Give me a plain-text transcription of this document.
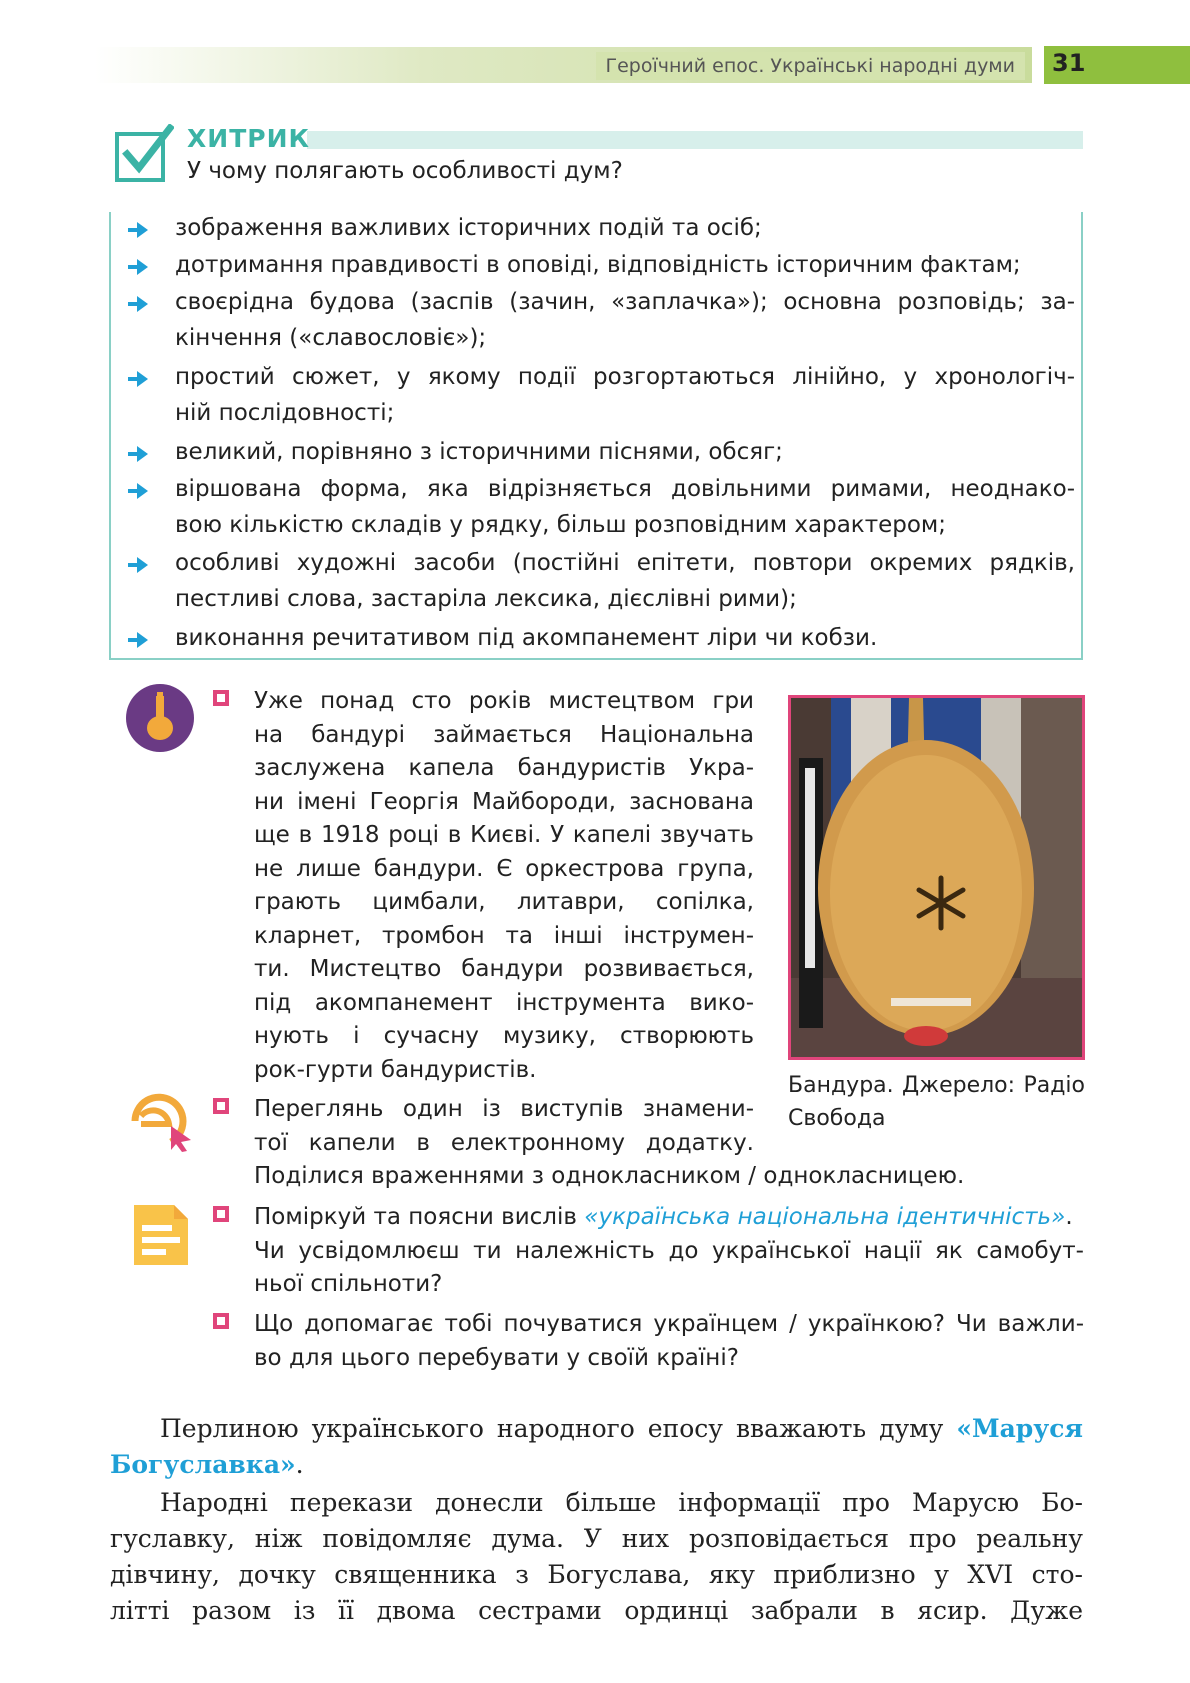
Героїчний епос. Українські народні думи	31
ХИТРИК
У чому полягають особливості дум?
зображення важливих історичних подій та осіб;
дотримання правдивості в оповіді, відповідність історичним фактам;
своєрідна будова (заспів (зачин, «заплачка»); основна розповідь; за-
кінчення («славословіє»);
простий сюжет, у якому події розгортаються лінійно, у хронологіч-
ній послідовності;
великий, порівняно з історичними піснями, обсяг;
віршована форма, яка відрізняється довільними римами, неоднако-
вою кількістю складів у рядку, більш розповідним характером;
особливі художні засоби (постійні епітети, повтори окремих рядків,
пестливі слова, застаріла лексика, дієслівні рими);
виконання речитативом під акомпанемент ліри чи кобзи.
Уже понад сто років мистецтвом гри
на бандурі займається Національна
заслужена капела бандуристів Укра-
ни імені Георгія Майбороди, заснована
ще в 1918 році в Києві. У капелі звучать
не лише бандури. Є оркестрова група,
грають цимбали, литаври, сопілка,
кларнет, тромбон та інші інструмен-
ти. Мистецтво бандури розвивається,
під акомпанемент інструмента вико-
нують і сучасну музику, створюють
рок-гурти бандуристів.
Бандура. Джерело: Радіо Свобода
Переглянь один із виступів знамени-
тої капели в електронному додатку.
Поділися враженнями з однокласником / однокласницею.
Поміркуй та поясни вислів «українська національна ідентичність».
Чи усвідомлюєш ти належність до української нації як самобут-
ньої спільноти?
Що допомагає тобі почуватися українцем / українкою? Чи важли-
во для цього перебувати у своїй країні?
Перлиною українського народного епосу вважають думу «Маруся Богуславка».
Народні перекази донесли більше інформації про Марусю Бо-
гуславку, ніж повідомляє дума. У них розповідається про реальну
дівчину, дочку священника з Богуслава, яку приблизно у XVI сто-
літті разом із її двома сестрами ординці забрали в ясир. Дуже
